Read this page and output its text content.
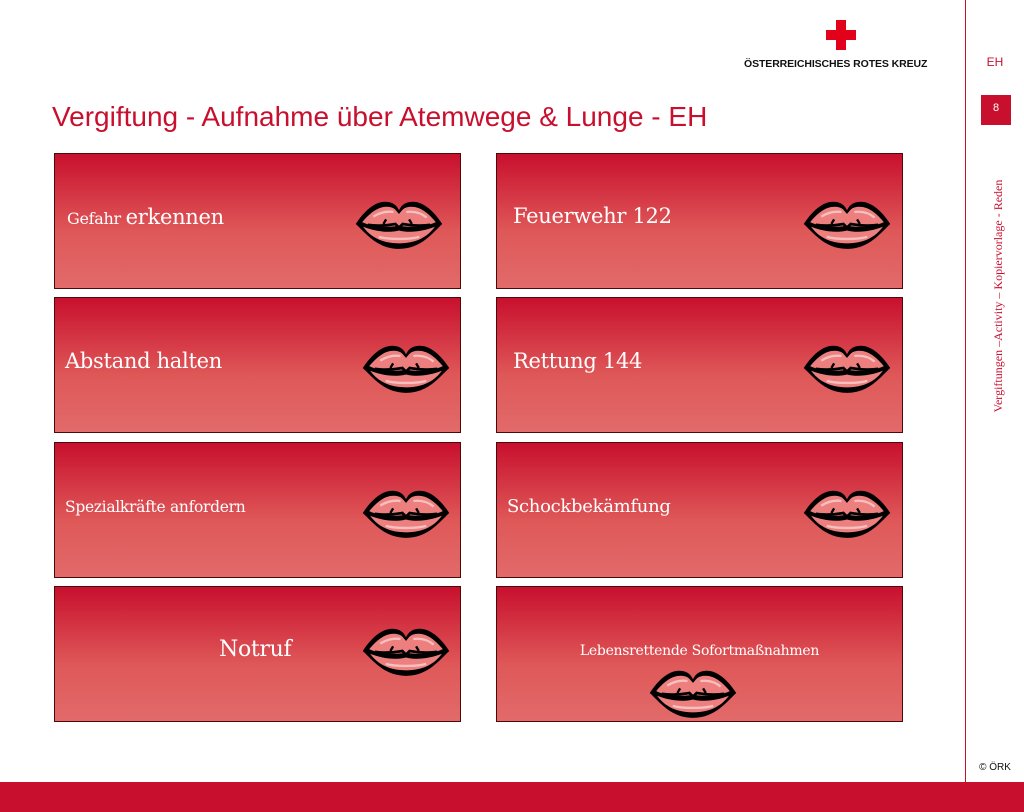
ÖSTERREICHISCHES ROTES KREUZ	EH
8
Vergiftungen –Activity – Kopiervorlage - Reden
© ÖRK
Vergiftung - Aufnahme über Atemwege & Lunge - EH
Gefahr erkennen	Feuerwehr 122
Abstand halten	Rettung 144
Spezialkräfte anfordern	Schockbekämfung
Notruf	Lebensrettende Sofortmaßnahmen
